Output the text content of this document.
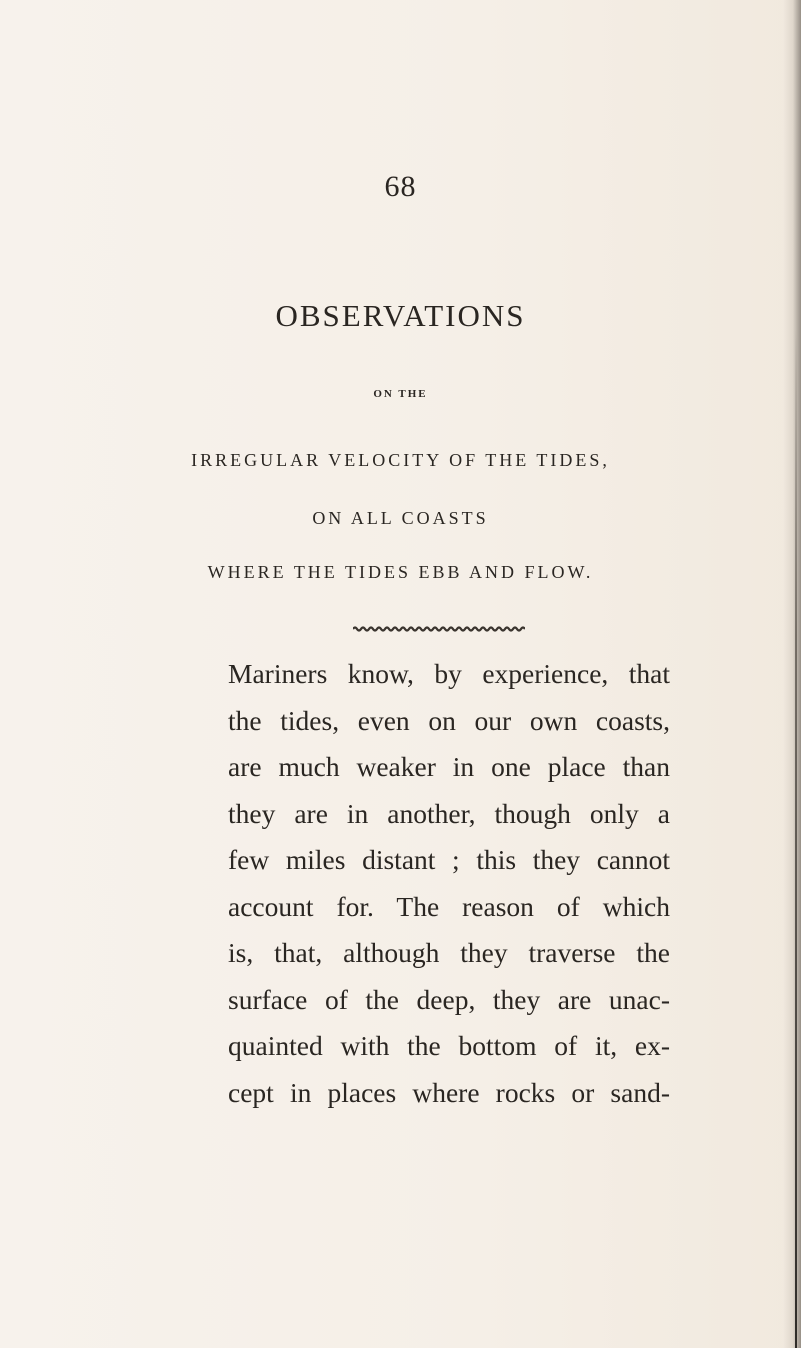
68
OBSERVATIONS
ON THE
IRREGULAR VELOCITY OF THE TIDES,
ON ALL COASTS
WHERE THE TIDES EBB AND FLOW.
Mariners know, by experience, that
the tides, even on our own coasts,
are much weaker in one place than
they are in another, though only a
few miles distant ; this they cannot
account for. The reason of which
is, that, although they traverse the
surface of the deep, they are unac-
quainted with the bottom of it, ex-
cept in places where rocks or sand-
